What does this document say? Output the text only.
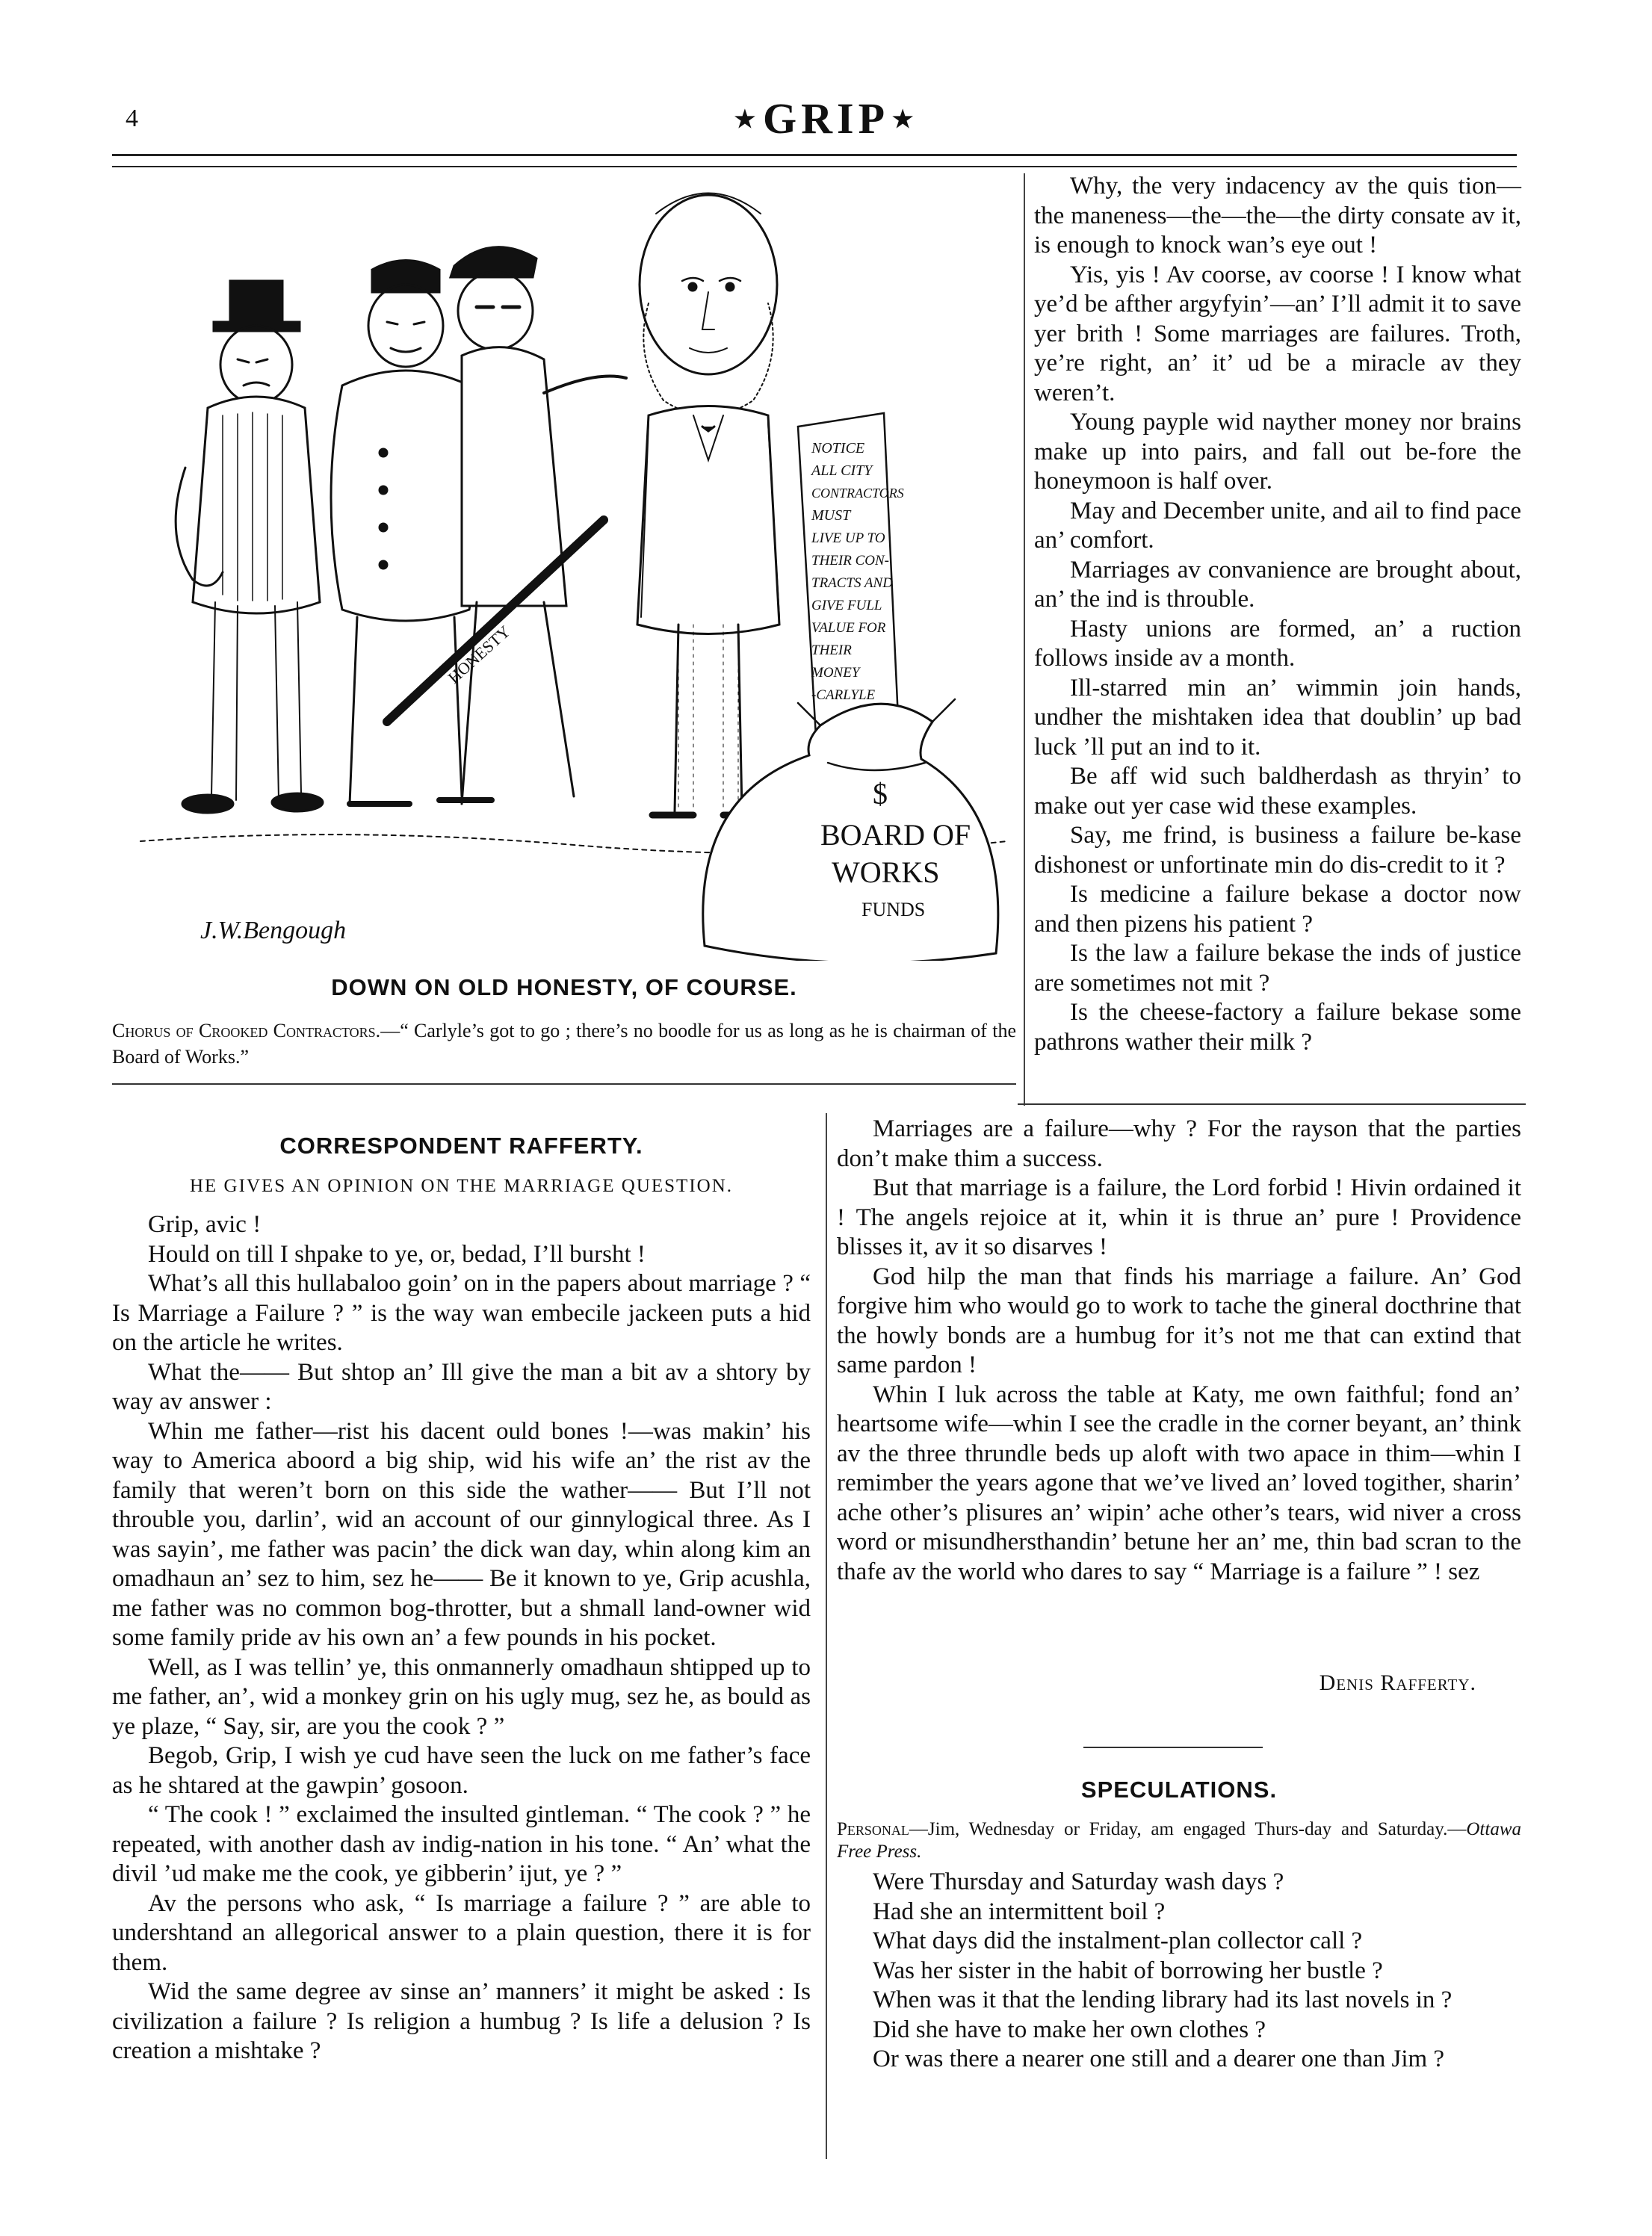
4	⋆GRIP⋆
NOTICE
ALL CITY
CONTRACTORS
MUST
LIVE UP TO
THEIR CON-
TRACTS AND
GIVE FULL
VALUE FOR
THEIR
MONEY
-CARLYLE
$
BOARD OF
WORKS
FUNDS
HONESTY
J.W.Bengough
DOWN ON OLD HONESTY, OF COURSE.
Chorus of Crooked Contractors.—“ Carlyle’s got to go ; there’s no boodle for us as long as he is chairman of the Board of Works.”

Why, the very indacency av the quis tion—the maneness—the—the—the dirty consate av it, is enough to knock wan’s eye out !

Yis, yis ! Av coorse, av coorse ! I know what ye’d be afther argyfyin’—an’ I’ll admit it to save yer brith ! Some marriages are failures. Troth, ye’re right, an’ it’ ud be a miracle av they weren’t.

Young payple wid nayther money nor brains make up into pairs, and fall out be-fore the honeymoon is half over.

May and December unite, and ail to find pace an’ comfort.

Marriages av convanience are brought about, an’ the ind is throuble.

Hasty unions are formed, an’ a ruction follows inside av a month.

Ill-starred min an’ wimmin join hands, undher the mishtaken idea that doublin’ up bad luck ’ll put an ind to it.

Be aff wid such baldherdash as thryin’ to make out yer case wid these examples.

Say, me frind, is business a failure be-kase dishonest or unfortinate min do dis-credit to it ?

Is medicine a failure bekase a doctor now and then pizens his patient ?

Is the law a failure bekase the inds of justice are sometimes not mit ?

Is the cheese-factory a failure bekase some pathrons wather their milk ?

CORRESPONDENT RAFFERTY.
HE GIVES AN OPINION ON THE MARRIAGE QUESTION.

Grip, avic !

Hould on till I shpake to ye, or, bedad, I’ll bursht !

What’s all this hullabaloo goin’ on in the papers about marriage ? “ Is Marriage a Failure ? ” is the way wan embecile jackeen puts a hid on the article he writes.

What the—— But shtop an’ Ill give the man a bit av a shtory by way av answer :

Whin me father—rist his dacent ould bones !—was makin’ his way to America aboord a big ship, wid his wife an’ the rist av the family that weren’t born on this side the wather—— But I’ll not throuble you, darlin’, wid an account of our ginnylogical three. As I was sayin’, me father was pacin’ the dick wan day, whin along kim an omadhaun an’ sez to him, sez he—— Be it known to ye, Grip acushla, me father was no common bog-throtter, but a shmall land-owner wid some family pride av his own an’ a few pounds in his pocket.

Well, as I was tellin’ ye, this onmannerly omadhaun shtipped up to me father, an’, wid a monkey grin on his ugly mug, sez he, as bould as ye plaze, “ Say, sir, are you the cook ? ”

Begob, Grip, I wish ye cud have seen the luck on me father’s face as he shtared at the gawpin’ gosoon.

“ The cook ! ” exclaimed the insulted gintleman. “ The cook ? ” he repeated, with another dash av indig-nation in his tone. “ An’ what the divil ’ud make me the cook, ye gibberin’ ijut, ye ? ”

Av the persons who ask, “ Is marriage a failure ? ” are able to undershtand an allegorical answer to a plain question, there it is for them.

Wid the same degree av sinse an’ manners’ it might be asked : Is civilization a failure ? Is religion a humbug ? Is life a delusion ? Is creation a mishtake ?

Marriages are a failure—why ? For the rayson that the parties don’t make thim a success.

But that marriage is a failure, the Lord forbid ! Hivin ordained it ! The angels rejoice at it, whin it is thrue an’ pure ! Providence blisses it, av it so disarves !

God hilp the man that finds his marriage a failure. An’ God forgive him who would go to work to tache the gineral docthrine that the howly bonds are a humbug for it’s not me that can extind that same pardon !

Whin I luk across the table at Katy, me own faithful; fond an’ heartsome wife—whin I see the cradle in the corner beyant, an’ think av the three thrundle beds up aloft with two apace in thim—whin I remimber the years agone that we’ve lived an’ loved togither, sharin’ ache other’s plisures an’ wipin’ ache other’s tears, wid niver a cross word or misundhersthandin’ betune her an’ me, thin bad scran to the thafe av the world who dares to say “ Marriage is a failure ” ! sez

Denis Rafferty.
SPECULATIONS.
Personal—Jim, Wednesday or Friday, am engaged Thurs-day and Saturday.—Ottawa Free Press.

Were Thursday and Saturday wash days ?

Had she an intermittent boil ?

What days did the instalment-plan collector call ?

Was her sister in the habit of borrowing her bustle ?

When was it that the lending library had its last novels in ?

Did she have to make her own clothes ?

Or was there a nearer one still and a dearer one than Jim ?
